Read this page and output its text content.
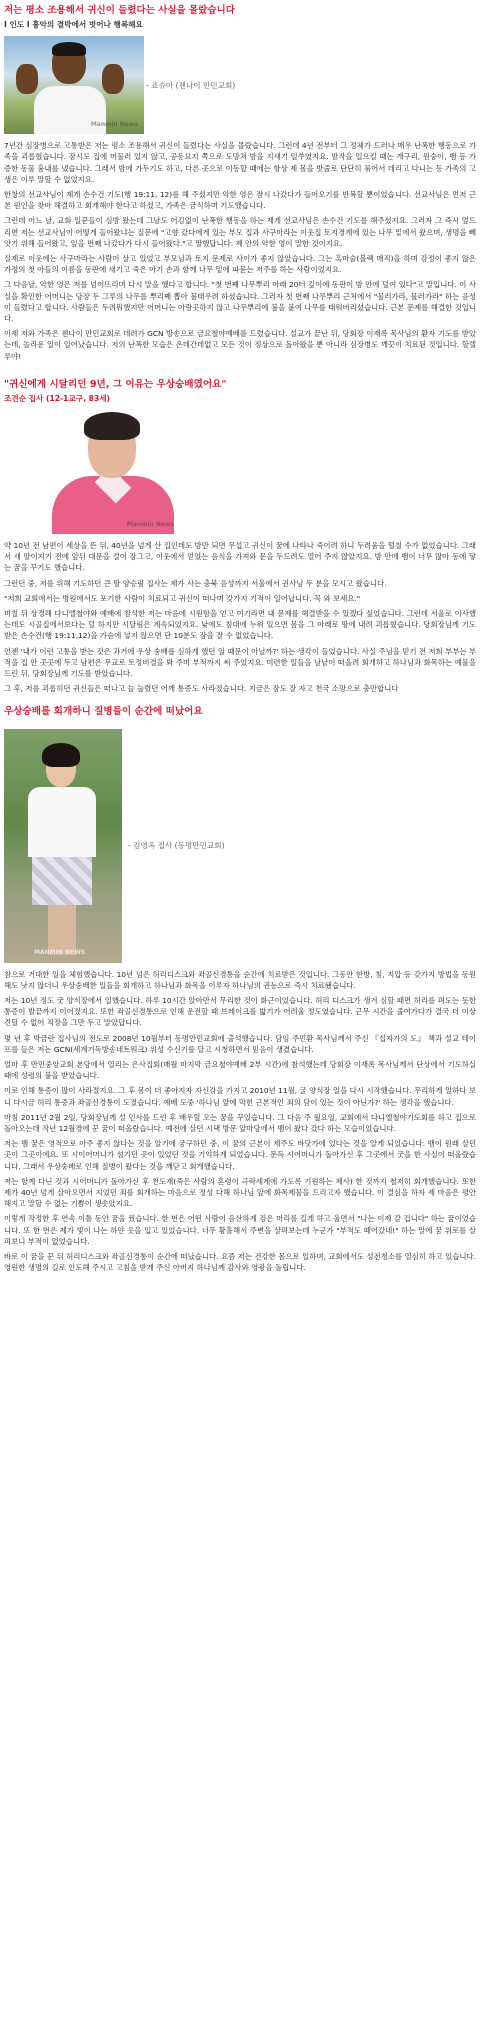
저는 평소 조용해서 귀신이 들렸다는 사실을 몰랐습니다
I 인도 I 흉악의 결박에서 벗어나 행복해요
Manmin News
- 죠슈아 (첸나이 만민교회)
7년간 심장병으로 고통받은 저는 평소 조용해서 귀신이 들렸다는 사실을 몰랐습니다. 그런데 4년 전부터 그 정체가 드러나 매우 난폭한 행동으로 가족을 괴롭혔습니다. 잠시도 집에 머물러 있지 않고, 공동묘지 쪽으로 도망쳐 밤을 지새기 일쑤였지요. 발작을 일으킬 때는 개구리, 원숭이, 뱀 등 가증한 동물 흉내를 냈습니다. 그래서 밤에 가두기도 하고, 다른 곳으로 이동할 때에는 항상 제 몸을 밧줄로 단단히 묶어서 데리고 다니는 등 가족의 고생은 이루 말할 수 없었지요.
한창의 선교사님이 제게 손수건 기도(행 19:11, 12)를 해 주셨지만 악한 영은 잠시 나갔다가 들어오기를 반복할 뿐이었습니다. 선교사님은 먼저 근본 원인을 찾아 해결하고 회개해야 한다고 하셨고, 가족은 금식하며 기도했습니다.
그런데 어느 날, 교회 일꾼들이 심방 왔는데 그날도 어김없이 난폭한 행동을 하는 제게 선교사님은 손수건 기도를 해주셨지요. 그러자 그 즉시 엎드리면 저는 선교사님이 어떻게 들어왔냐는 질문에 "고향 갔다에게 있는 부모 집과 사구마라는 이웃집 토지경계에 있는 나무 밑에서 왔으며, 생명을 빼앗기 위해 들어왔고, 잎을 번째 나갔다가 다시 들어왔다."고 말했답니다. 제 안의 악한 영이 말한 것이지요.
실제로 이웃에는 사구마라는 사람이 살고 있었고 부모님과 토지 문제로 사이가 좋지 않았습니다. 그는 흑마술(블랙 매직)을 하며 감정이 좋지 않은 가정의 첫 아들의 이름을 동판에 새기고 죽은 아기 손과 함께 나무 밑에 파묻는 저주를 하는 사람이었지요.
그 다음날, 악한 영은 저를 넘어뜨리며 다시 말을 했다고 합니다. "첫 번째 나무뿌리 아래 20터 깊이에 동판이 밤 안에 덮여 있다"고 말입니다. 이 사실을 확인한 어머니는 당장 두 그루의 나무를 뿌리째 뽑아 불태우려 하셨습니다. 그러자 첫 번째 나무뿌리 근처에서 "물러가라, 물러가라" 하는 음성이 들렸다고 합니다. 사람들은 두려워했지만 어머니는 아랑곳하지 않고 나무뿌리에 불을 붙여 나무를 태워버리셨습니다. 근본 문제를 해결한 것입니다.
이제 저와 가족은 첸나이 만민교회로 데려가 GCN 방송으로 금요철야예배를 드렸습니다. 설교가 끝난 뒤, 당회장 이재록 목사님의 환자 기도를 받았는데, 놀라운 일이 일어났습니다. 저의 난폭한 모습은 온데간데없고 모든 것이 정상으로 돌아왔을 뿐 아니라 심장병도 깨끗이 치료된 것입니다. 할렐루야!
"귀신에게 시달리던 9년, 그 이유는 우상숭배였어요"
조견순 집사 (12-1교구, 83세)
Manmin News
약 10년 전 남편이 세상을 뜬 뒤, 40년을 넘게 산 집인데도 밤만 되면 무섭고 귀신이 꿈에 나타나 죽이려 하니 두려움을 떨칠 수가 없었습니다. 그래서 새 딸이지기 전에 앞뒤 대문을 걸어 잠그고, 이웃에서 얻었는 음식을 가져와 문을 두드려도 열어 주지 않았지요. 밤 안에 뱀이 너무 많아 동에 닿는 꿈을 꾸기도 했습니다.
그런던 중, 저를 위해 기도하던 큰 딸 양승림 집사는 제가 사는 충북 음성까지 서울에서 권사님 두 분을 모시고 왔습니다.
"저희 교회에서는 병원에서도 포기한 사람이 치료되고 귀신이 떠나며 갖가지 기적이 일어납니다. 꼭 와 보세요."
며칠 뒤 상경해 다니엘철야와 예배에 참석한 저는 마음에 시원함을 얻고 여기라면 내 문제를 해결받을 수 있겠다 싶었습니다. 그런데 서울로 이사했는데도 시골집에서보다는 덜 하지만 시달림은 계속되었지요. 낮에도 침대에 누워 있으면 몸을 그 아래로 땅에 내려 괴롭혔습니다. 당회장님께 기도받은 손수건(행 19:11,12)을 가슴에 넣지 않으면 단 10분도 잠을 잘 수 없었습니다.
언젠 '내가 이런 고통을 받는 것은 과거에 우상 숭배를 심하게 했던 일 때문이 아닐까?' 하는 생각이 들었습니다. 사실 주님을 믿기 전 저희 부부는 부적을 집 안 곳곳에 두고 남편은 무교로 토정비결을 봐 주며 부적까지 써 주었지요. 미련한 일들을 날낱이 떠올려 회개하고 하나님과 화목하는 예물을 드린 뒤, 당회장님께 기도를 받았습니다.
그 후, 저를 괴롭히던 귀신들은 떠나고 늘 눌렸던 어깨 통증도 사라졌습니다. 지금은 잠도 잘 자고 천국 소망으로 충만합니다
우상숭배를 회개하니 질병들이 순간에 떠났어요
MANMIN NEWS
- 김영옥 집사 (동명만민교회)
참으로 거대한 일을 체험했습니다. 10년 넘은 허리디스크와 좌골신경통을 순간에 치료받은 것입니다. 그동안 한방, 침, 지압 등 갖가지 방법을 동원해도 낫지 않더니 우상숭배한 일들을 회개하고 하나님과 화목을 이루자 하나님의 권능으로 즉시 치료됐습니다.
저는 10년 정도 굿 양식장에서 일했습니다. 하루 10시간 앉아만서 무리한 것이 화근이었습니다. 허리 디스크가 생겨 심할 때면 허리를 펴도는 듯한 통증이 발끝까지 이어졌지요. 또한 좌골신경통으로 인해 운전할 때 브레이크를 밟기가 어려울 정도였습니다. 근무 시간을 줄여가다가 결국 더 이상 견딜 수 없어 직장을 그만 두고 말았답니다.
몇 년 후 박금란 집사님의 전도로 2008년 10월부터 동명만민교회에 출석했습니다. 담임 주민환 목사님께서 주신 『십자가의 도』 책과 설교 테이프를 들은 저는 GCN(세계기독방송네트워크) 위성 수신기를 달고 시청하면서 믿음이 생겼습니다.
얼마 후 만민중앙교회 본당에서 열리는 은사집회(매월 마지막 금요철야예배 2부 시간)에 참석했는데 당회장 이재록 목사님께서 단상에서 기도하실 때에 성령의 불을 받았습니다.
이로 인해 통증이 많이 사라졌지요. 그 후 몸이 더 좋아지자 자신감을 가지고 2010년 11월, 굴 양식장 일을 다시 시작했습니다. 무리하게 일하다 보니 다시금 허리 통증과 좌골신경통이 도졌습니다. 예배 도중 '하나님 앞에 막힌 근본적인 죄의 담이 있는 것이 아닌가?' 하는 생각을 했습니다.
마침 2011년 2월 2일, 당회장님께 설 인사를 드린 후 배우릴 오는 꿈을 꾸었습니다. 그 다음 주 월요일, 교회에서 다니엘철야기도회를 하고 집으로 돌아오는데 작년 12월경에 꾼 꿈이 떠올랐습니다. 예전에 살던 시댁 방문 앞마당에서 뱀이 왔다 갔다 하는 모습이었습니다.
저는 뱀 꿈은 영적으로 아주 좋지 않다는 것을 알기에 궁구하던 중, 이 꿈의 근본이 제주도 바닷가에 있다는 것을 알게 되었습니다. 뱀이 원래 살던 곳이 그곳이에요. 또 시이어머니가 섬기던 곳이 있었던 것을 기억하게 되었습니다. 문득 시어머니가 돌아가신 후 그곳에서 굿을 한 사실이 떠올랐습니다. 그래서 우상숭배로 인해 질병이 왔다는 것을 깨닫고 회개했습니다.
저는 함께 다닌 것과 시어머니가 돌아가신 후 천도재(죽은 사람의 혼령이 극락세계에 가도록 기원하는 제사) 한 것까지 철저히 회개했습니다. 또한 제가 40년 넘게 살아오면서 지었던 죄를 회개하는 마음으로 정성 다해 하나님 앞에 화목제물을 드리고자 했습니다. 이 결심을 하자 제 마음은 평안해지고 말할 수 없는 기쁨이 생솟았지요.
이렇게 작정한 후 연속 이틀 동안 꿈을 꿨습니다. 한 번은 어떤 사람이 음산하게 검은 머리를 길게 하고 울면서 "나는 이제 갈 겁니다" 하는 꿈이었습니다. 또 한 번은 제가 빛이 나는 하얀 옷을 입고 있었습니다. 너무 황홀해서 주변을 살펴보는데 누군가 "부적도 떼어갔네!" 하는 말에 꿈 위로를 살펴보니 부적이 없었습니다.
바로 이 꿈을 꾼 뒤 허리디스크와 좌골신경통이 순간에 떠났습니다. 요즘 저는 건강한 몸으로 일하며, 교회에서도 성전청소를 열심히 하고 있습니다. 영원한 생명의 길로 인도해 주시고 고침을 받게 주신 아버지 하나님께 감사와 영광을 돌립니다.
